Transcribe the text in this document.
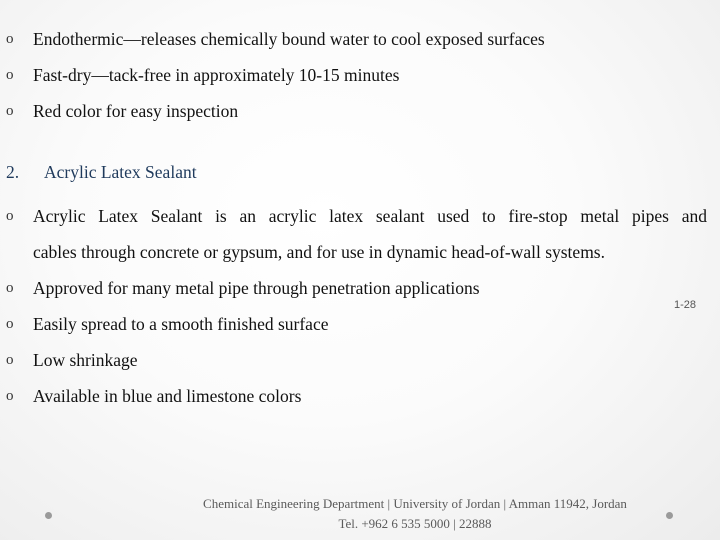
o Endothermic—releases chemically bound water to cool exposed surfaces
o Fast-dry—tack-free in approximately 10-15 minutes
o Red color for easy inspection
2. Acrylic Latex Sealant
o Acrylic Latex Sealant is an acrylic latex sealant used to fire-stop metal pipes and
cables through concrete or gypsum, and for use in dynamic head-of-wall systems.
o Approved for many metal pipe through penetration applications
o Easily spread to a smooth finished surface
o Low shrinkage
o Available in blue and limestone colors
1-28
Chemical Engineering Department | University of Jordan | Amman 11942, Jordan
Tel. +962 6 535 5000 | 22888
